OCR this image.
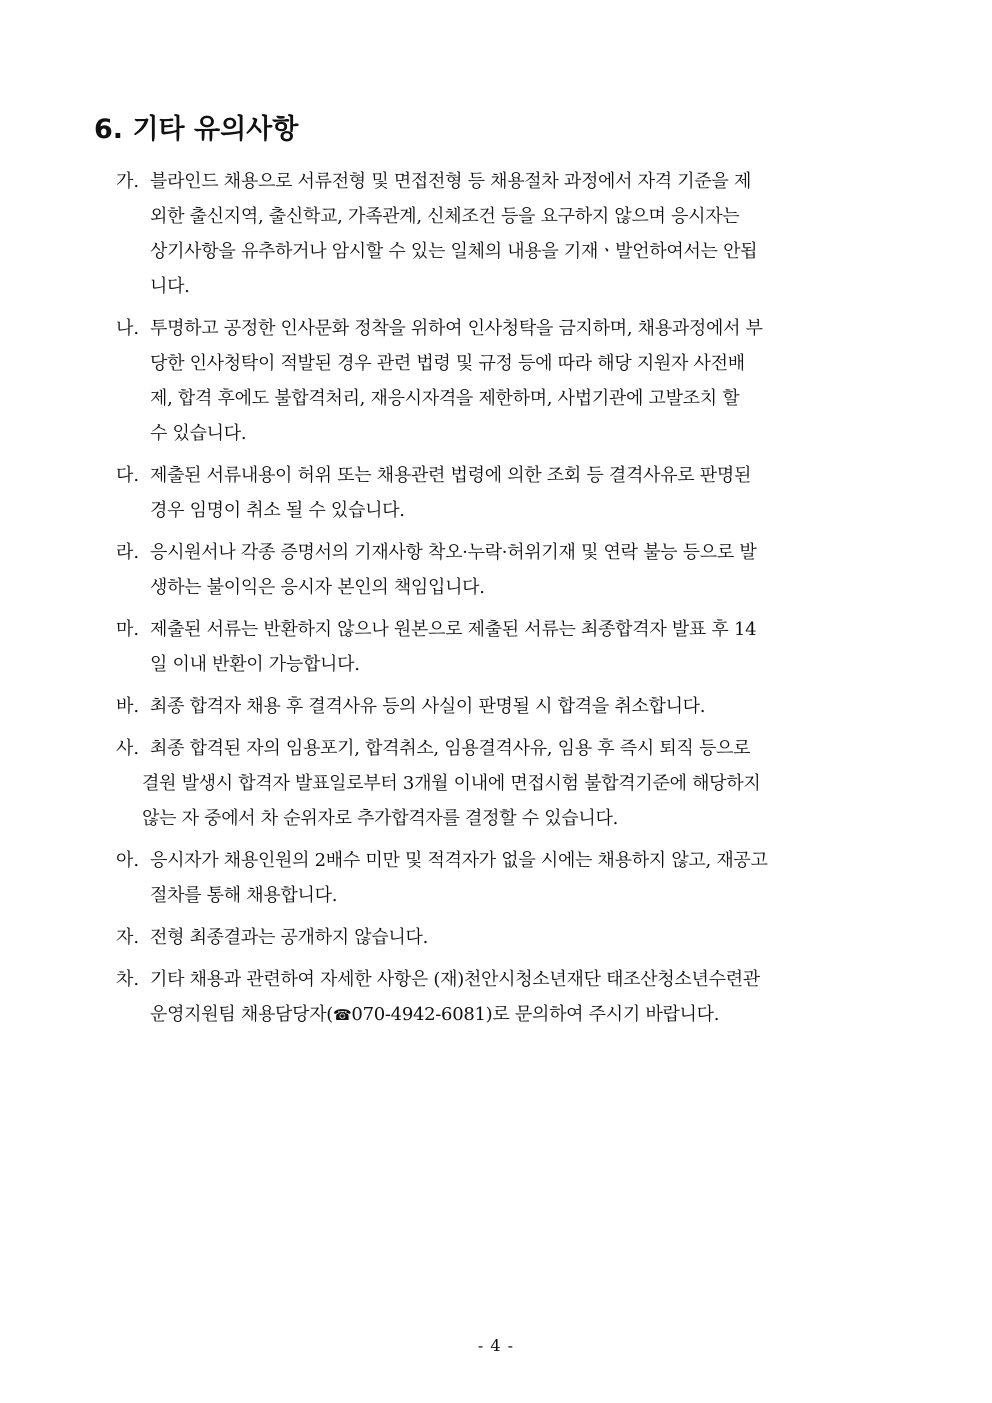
6. 기타 유의사항
가. 블라인드 채용으로 서류전형 및 면접전형 등 채용절차 과정에서 자격 기준을 제
외한 출신지역, 출신학교, 가족관계, 신체조건 등을 요구하지 않으며 응시자는
상기사항을 유추하거나 암시할 수 있는 일체의 내용을 기재ㆍ발언하여서는 안됩
니다.
나. 투명하고 공정한 인사문화 정착을 위하여 인사청탁을 금지하며, 채용과정에서 부
당한 인사청탁이 적발된 경우 관련 법령 및 규정 등에 따라 해당 지원자 사전배
제, 합격 후에도 불합격처리, 재응시자격을 제한하며, 사법기관에 고발조치 할
수 있습니다.
다. 제출된 서류내용이 허위 또는 채용관련 법령에 의한 조회 등 결격사유로 판명된
경우 임명이 취소 될 수 있습니다.
라. 응시원서나 각종 증명서의 기재사항 착오·누락·허위기재 및 연락 불능 등으로 발
생하는 불이익은 응시자 본인의 책임입니다.
마. 제출된 서류는 반환하지 않으나 원본으로 제출된 서류는 최종합격자 발표 후 14
일 이내 반환이 가능합니다.
바. 최종 합격자 채용 후 결격사유 등의 사실이 판명될 시 합격을 취소합니다.
사. 최종 합격된 자의 임용포기, 합격취소, 임용결격사유, 임용 후 즉시 퇴직 등으로
결원 발생시 합격자 발표일로부터 3개월 이내에 면접시험 불합격기준에 해당하지
않는 자 중에서 차 순위자로 추가합격자를 결정할 수 있습니다.
아. 응시자가 채용인원의 2배수 미만 및 적격자가 없을 시에는 채용하지 않고, 재공고
절차를 통해 채용합니다.
자. 전형 최종결과는 공개하지 않습니다.
차. 기타 채용과 관련하여 자세한 사항은 (재)천안시청소년재단 태조산청소년수련관
운영지원팀 채용담당자(☎070-4942-6081)로 문의하여 주시기 바랍니다.
- 4 -
